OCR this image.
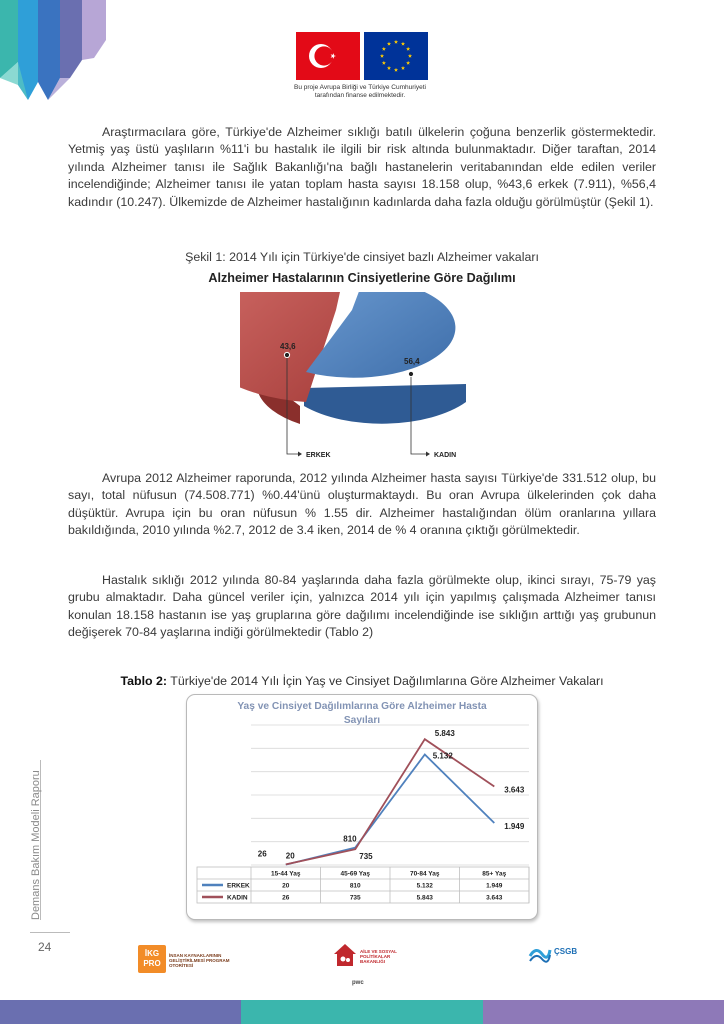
Bu proje Avrupa Birliği ve Türkiye Cumhuriyeti
tarafından finanse edilmektedir.

Araştırmacılara göre, Türkiye'de Alzheimer sıklığı batılı ülkelerin çoğuna benzerlik göstermektedir. Yetmiş yaş üstü yaşlıların %11'i bu hastalık ile ilgili bir risk altında bulunmaktadır. Diğer taraftan, 2014 yılında Alzheimer tanısı ile Sağlık Bakanlığı'na bağlı hastanelerin veritabanından elde edilen veriler incelendiğinde; Alzheimer tanısı ile yatan toplam hasta sayısı 18.158 olup, %43,6 erkek (7.911), %56,4 kadındır (10.247). Ülkemizde de Alzheimer hastalığının kadınlarda daha fazla olduğu görülmüştür (Şekil 1).

Şekil 1: 2014 Yılı için Türkiye'de cinsiyet bazlı Alzheimer vakaları
Alzheimer Hastalarının Cinsiyetlerine Göre Dağılımı
43,6
56,4
ERKEK	KADIN

Avrupa 2012 Alzheimer raporunda, 2012 yılında Alzheimer hasta sayısı Türkiye'de 331.512 olup, bu sayı, total nüfusun (74.508.771) %0.44'ünü oluşturmaktaydı. Bu oran Avrupa ülkelerinden çok daha düşüktür. Avrupa için bu oran nüfusun % 1.55 dir. Alzheimer hastalığından ölüm oranlarına yıllara bakıldığında, 2010 yılında %2.7, 2012 de 3.4 iken, 2014 de % 4 oranına çıktığı görülmektedir.

Hastalık sıklığı 2012 yılında 80-84 yaşlarında daha fazla görülmekte olup, ikinci sırayı, 75-79 yaş grubu almaktadır. Daha güncel veriler için, yalnızca 2014 yılı için yapılmış çalışmada Alzheimer tanısı konulan 18.158 hastanın ise yaş gruplarına göre dağılımı incelendiğinde ise sıklığın arttığı yaş grubunun değişerek 70-84 yaşlarına indiği görülmektedir (Tablo 2)

Tablo 2: Türkiye'de 2014 Yılı İçin Yaş ve Cinsiyet Dağılımlarına Göre Alzheimer Vakaları
Yaş ve Cinsiyet Dağılımlarına Göre Alzheimer Hasta
Sayıları
20
810
5.132
1.949
26	735
5.843
3.643
15-44 Yaş	45-69 Yaş	70-84 Yaş	85+ Yaş
ERKEK	20	810	5.132	1.949
KADIN	26	735	5.843	3.643
Demans Bakım Modeli Raporu
24	İKG PRO
İNSAN KAYNAKLARININ GELİŞTİRİLMESİ PROGRAM OTORİTESİ
AİLE VE SOSYAL POLİTİKALAR BAKANLIĞI
pwc
ÇSGB
